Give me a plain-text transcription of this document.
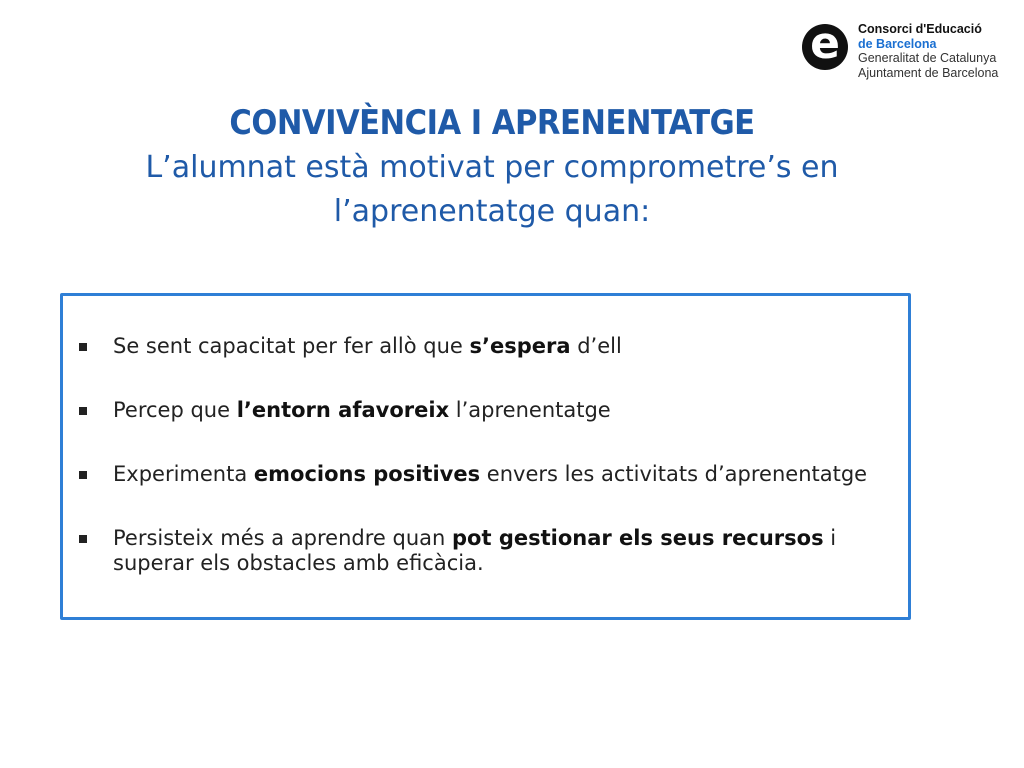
e	Consorci d'Educació
de Barcelona
Generalitat de Catalunya
Ajuntament de Barcelona
CONVIVÈNCIA I APRENENTATGE
L’alumnat està motivat per comprometre’s en
l’aprenentatge quan:
Se sent capacitat per fer allò que s’espera d’ell
Percep que l’entorn afavoreix l’aprenentatge
Experimenta emocions positives envers les activitats d’aprenentatge
Persisteix més a aprendre quan pot gestionar els seus recursos i superar els obstacles amb eficàcia.
